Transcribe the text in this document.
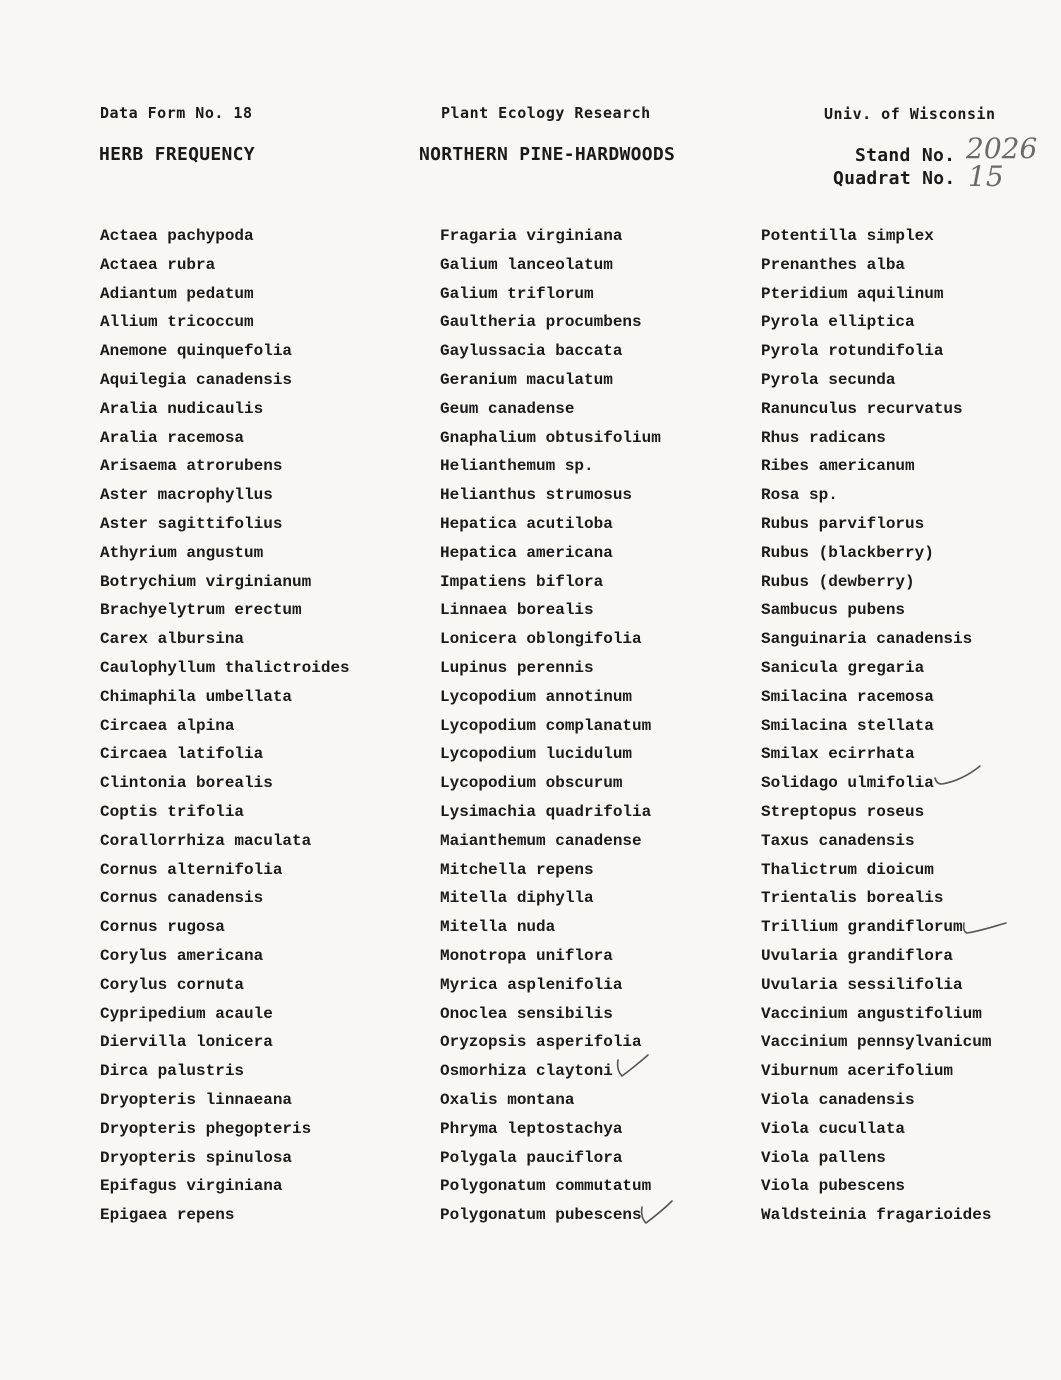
Data Form No. 18	Plant Ecology Research	Univ. of Wisconsin
HERB FREQUENCY	NORTHERN PINE-HARDWOODS	Stand No. 2026
Quadrat No. 15
Actaea pachypoda
Actaea rubra
Adiantum pedatum
Allium tricoccum
Anemone quinquefolia
Aquilegia canadensis
Aralia nudicaulis
Aralia racemosa
Arisaema atrorubens
Aster macrophyllus
Aster sagittifolius
Athyrium angustum
Botrychium virginianum
Brachyelytrum erectum
Carex albursina
Caulophyllum thalictroides
Chimaphila umbellata
Circaea alpina
Circaea latifolia
Clintonia borealis
Coptis trifolia
Corallorrhiza maculata
Cornus alternifolia
Cornus canadensis
Cornus rugosa
Corylus americana
Corylus cornuta
Cypripedium acaule
Diervilla lonicera
Dirca palustris
Dryopteris linnaeana
Dryopteris phegopteris
Dryopteris spinulosa
Epifagus virginiana
Epigaea repens
Fragaria virginiana
Galium lanceolatum
Galium triflorum
Gaultheria procumbens
Gaylussacia baccata
Geranium maculatum
Geum canadense
Gnaphalium obtusifolium
Helianthemum sp.
Helianthus strumosus
Hepatica acutiloba
Hepatica americana
Impatiens biflora
Linnaea borealis
Lonicera oblongifolia
Lupinus perennis
Lycopodium annotinum
Lycopodium complanatum
Lycopodium lucidulum
Lycopodium obscurum
Lysimachia quadrifolia
Maianthemum canadense
Mitchella repens
Mitella diphylla
Mitella nuda
Monotropa uniflora
Myrica asplenifolia
Onoclea sensibilis
Oryzopsis asperifolia
Osmorhiza claytoni
Oxalis montana
Phryma leptostachya
Polygala pauciflora
Polygonatum commutatum
Polygonatum pubescens
Potentilla simplex
Prenanthes alba
Pteridium aquilinum
Pyrola elliptica
Pyrola rotundifolia
Pyrola secunda
Ranunculus recurvatus
Rhus radicans
Ribes americanum
Rosa sp.
Rubus parviflorus
Rubus (blackberry)
Rubus (dewberry)
Sambucus pubens
Sanguinaria canadensis
Sanicula gregaria
Smilacina racemosa
Smilacina stellata
Smilax ecirrhata
Solidago ulmifolia
Streptopus roseus
Taxus canadensis
Thalictrum dioicum
Trientalis borealis
Trillium grandiflorum
Uvularia grandiflora
Uvularia sessilifolia
Vaccinium angustifolium
Vaccinium pennsylvanicum
Viburnum acerifolium
Viola canadensis
Viola cucullata
Viola pallens
Viola pubescens
Waldsteinia fragarioides
